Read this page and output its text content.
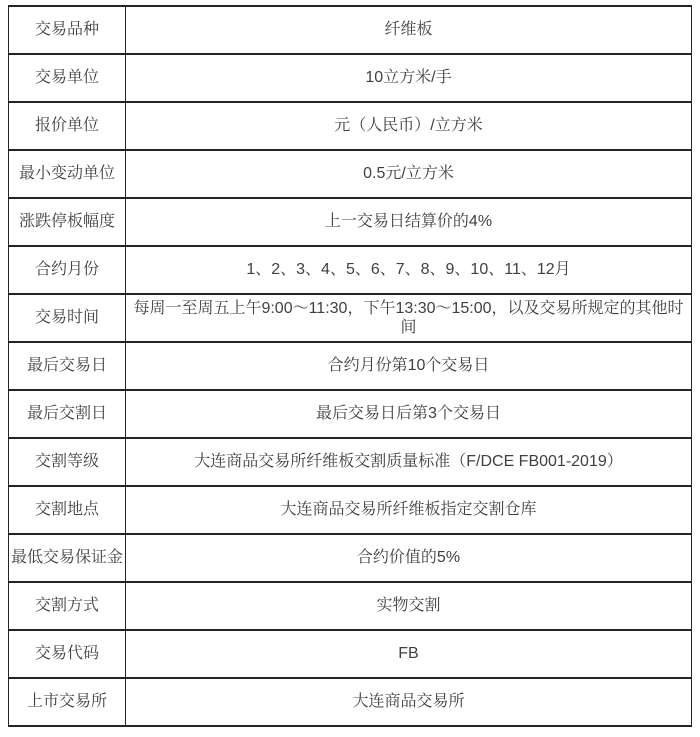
交易品种	纤维板
交易单位	10立方米/手
报价单位	元（人民币）/立方米
最小变动单位	0.5元/立方米
涨跌停板幅度	上一交易日结算价的4%
合约月份	1、2、3、4、5、6、7、8、9、10、11、12月
交易时间	每周一至周五上午9:00～11:30，下午13:30～15:00，以及交易所规定的其他时间
最后交易日	合约月份第10个交易日
最后交割日	最后交易日后第3个交易日
交割等级	大连商品交易所纤维板交割质量标准（F/DCE FB001-2019）
交割地点	大连商品交易所纤维板指定交割仓库
最低交易保证金	合约价值的5%
交割方式	实物交割
交易代码	FB
上市交易所	大连商品交易所
